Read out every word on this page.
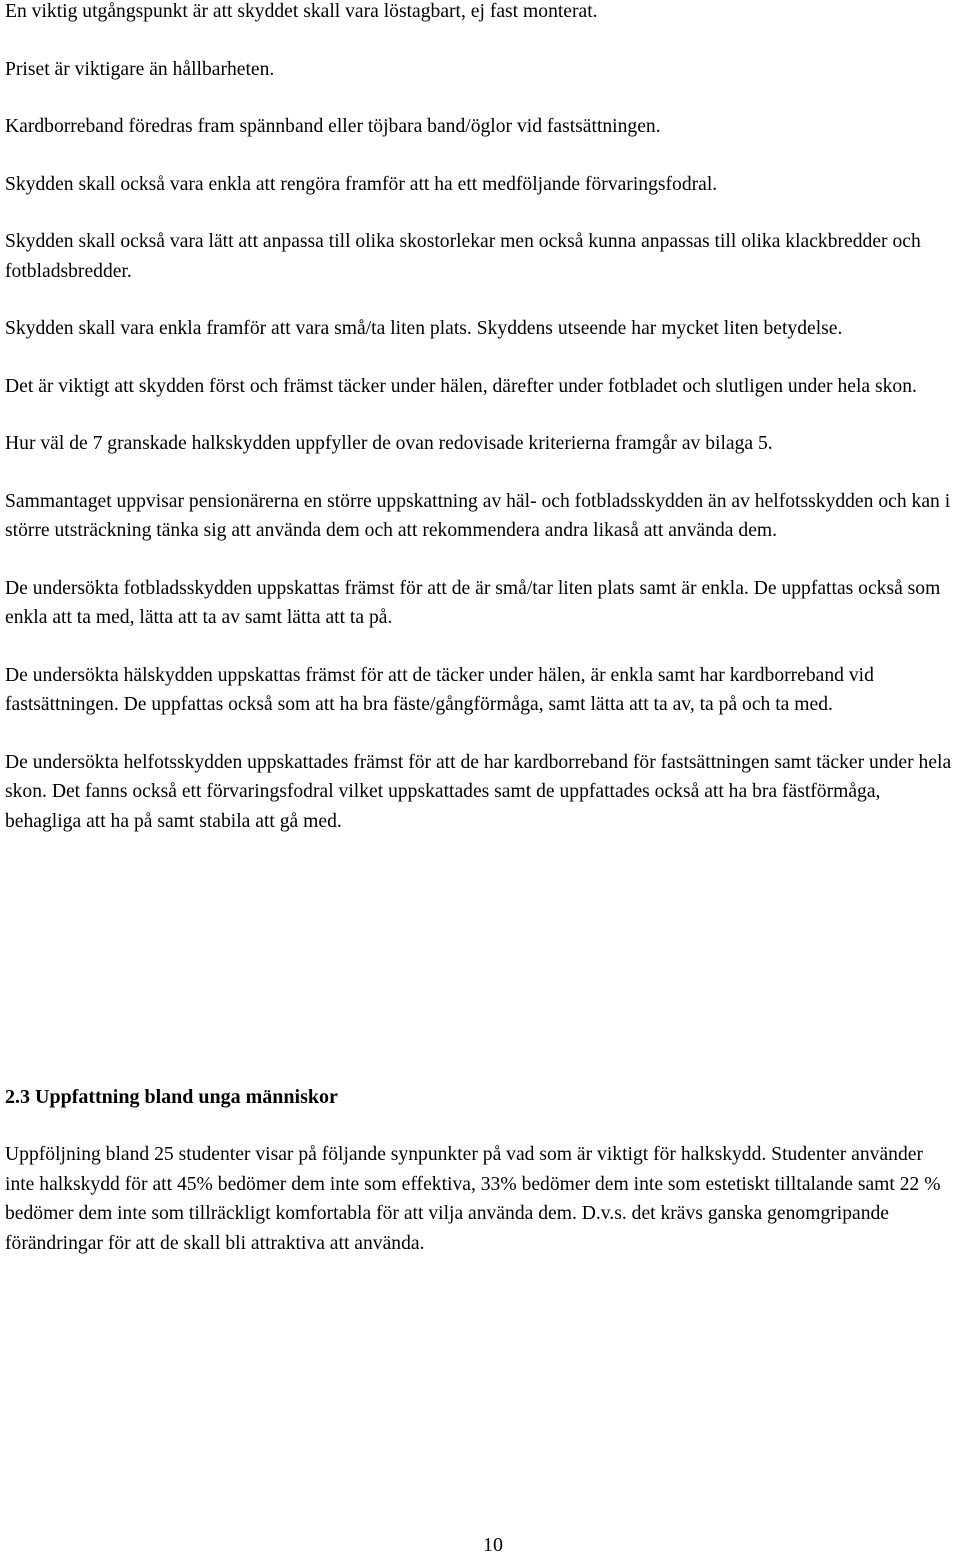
En viktig utgångspunkt är att skyddet skall vara löstagbart, ej fast monterat.

Priset är viktigare än hållbarheten.

Kardborreband föredras fram spännband eller töjbara band/öglor vid fastsättningen.

Skydden skall också vara enkla att rengöra framför att ha ett medföljande förvaringsfodral.

Skydden skall också vara lätt att anpassa till olika skostorlekar men också kunna anpassas till olika klackbredder och fotbladsbredder.

Skydden skall vara enkla framför att vara små/ta liten plats. Skyddens utseende har mycket liten betydelse.

Det är viktigt att skydden först och främst täcker under hälen, därefter under fotbladet och slutligen under hela skon.

Hur väl de 7 granskade halkskydden uppfyller de ovan redovisade kriterierna framgår av bilaga 5.

Sammantaget uppvisar pensionärerna en större uppskattning av häl- och fotbladsskydden än av helfotsskydden och kan i större utsträckning tänka sig att använda dem och att rekommendera andra likaså att använda dem.

De undersökta fotbladsskydden uppskattas främst för att de är små/tar liten plats samt är enkla. De uppfattas också som enkla att ta med, lätta att ta av samt lätta att ta på.

De undersökta hälskydden uppskattas främst för att de täcker under hälen, är enkla samt har kardborreband vid fastsättningen. De uppfattas också som att ha bra fäste/gångförmåga, samt lätta att ta av, ta på och ta med.

De undersökta helfotsskydden uppskattades främst för att de har kardborreband för fastsättningen samt täcker under hela skon. Det fanns också ett förvaringsfodral vilket uppskattades samt de uppfattades också att ha bra fästförmåga, behagliga att ha på samt stabila att gå med.

2.3 Uppfattning bland unga människor

Uppföljning bland 25 studenter visar på följande synpunkter på vad som är viktigt för halkskydd. Studenter använder inte halkskydd för att 45% bedömer dem inte som effektiva, 33% bedömer dem inte som estetiskt tilltalande samt 22 % bedömer dem inte som tillräckligt komfortabla för att vilja använda dem. D.v.s. det krävs ganska genomgripande förändringar för att de skall bli attraktiva att använda.

10
